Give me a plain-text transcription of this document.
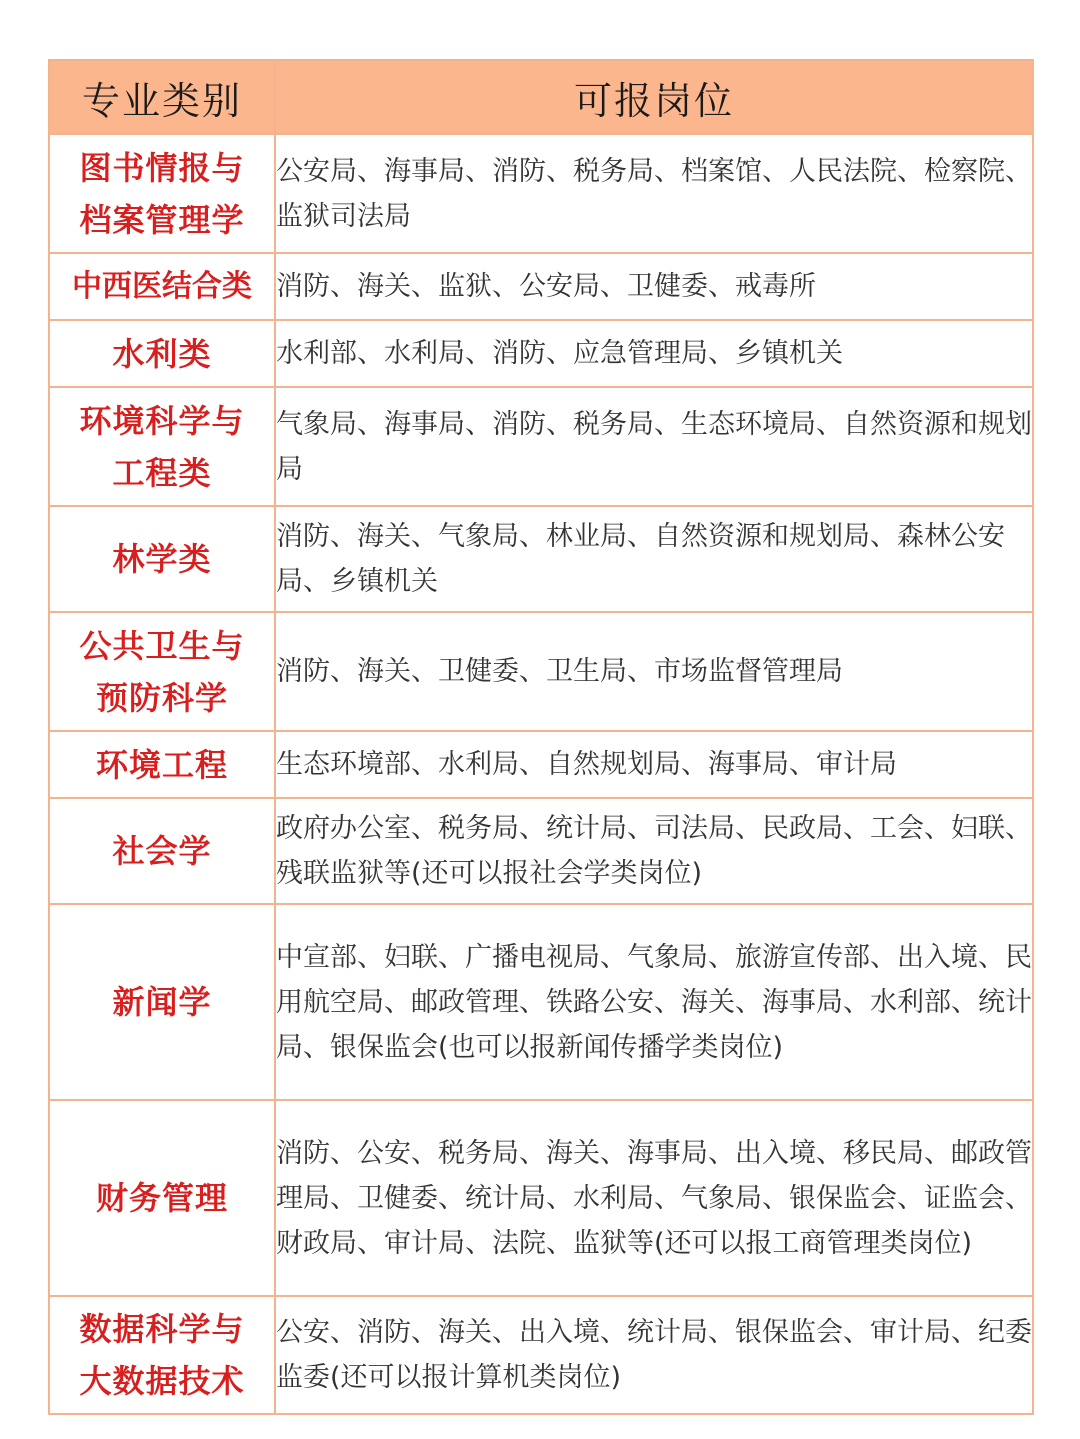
专业类别	可报岗位
图书情报与
档案管理学	公安局、海事局、消防、税务局、档案馆、人民法院、检察院、监狱司法局
中西医结合类	消防、海关、监狱、公安局、卫健委、戒毒所
水利类	水利部、水利局、消防、应急管理局、乡镇机关
环境科学与
工程类	气象局、海事局、消防、税务局、生态环境局、自然资源和规划局
林学类	消防、海关、气象局、林业局、自然资源和规划局、森林公安局、乡镇机关
公共卫生与
预防科学	消防、海关、卫健委、卫生局、市场监督管理局
环境工程	生态环境部、水利局、自然规划局、海事局、审计局
社会学	政府办公室、税务局、统计局、司法局、民政局、工会、妇联、残联监狱等(还可以报社会学类岗位)
新闻学	中宣部、妇联、广播电视局、气象局、旅游宣传部、出入境、民用航空局、邮政管理、铁路公安、海关、海事局、水利部、统计局、银保监会(也可以报新闻传播学类岗位)
财务管理	消防、公安、税务局、海关、海事局、出入境、移民局、邮政管理局、卫健委、统计局、水利局、气象局、银保监会、证监会、财政局、审计局、法院、监狱等(还可以报工商管理类岗位)
数据科学与
大数据技术	公安、消防、海关、出入境、统计局、银保监会、审计局、纪委监委(还可以报计算机类岗位)
